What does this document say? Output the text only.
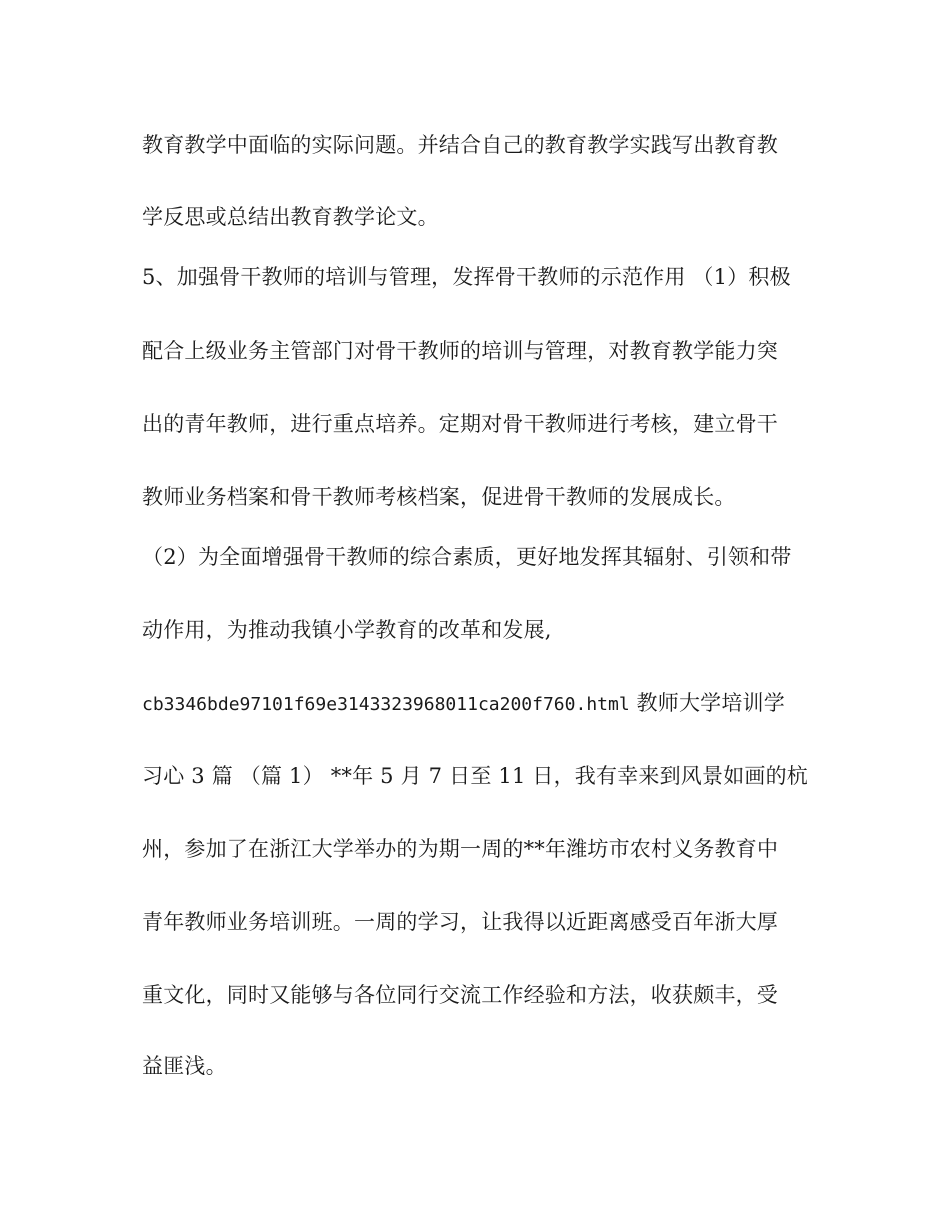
教育教学中面临的实际问题。并结合自己的教育教学实践写出教育教
学反思或总结出教育教学论文。
5、加强骨干教师的培训与管理，发挥骨干教师的示范作用 （1）积极
配合上级业务主管部门对骨干教师的培训与管理，对教育教学能力突
出的青年教师，进行重点培养。定期对骨干教师进行考核，建立骨干
教师业务档案和骨干教师考核档案，促进骨干教师的发展成长。
（2）为全面增强骨干教师的综合素质，更好地发挥其辐射、引领和带
动作用，为推动我镇小学教育的改革和发展,
cb3346bde97101f69e3143323968011ca200f760.html 教师大学培训学
习心 3 篇 （篇 1） **年 5 月 7 日至 11 日，我有幸来到风景如画的杭
州，参加了在浙江大学举办的为期一周的**年潍坊市农村义务教育中
青年教师业务培训班。一周的学习，让我得以近距离感受百年浙大厚
重文化，同时又能够与各位同行交流工作经验和方法，收获颇丰，受
益匪浅。
